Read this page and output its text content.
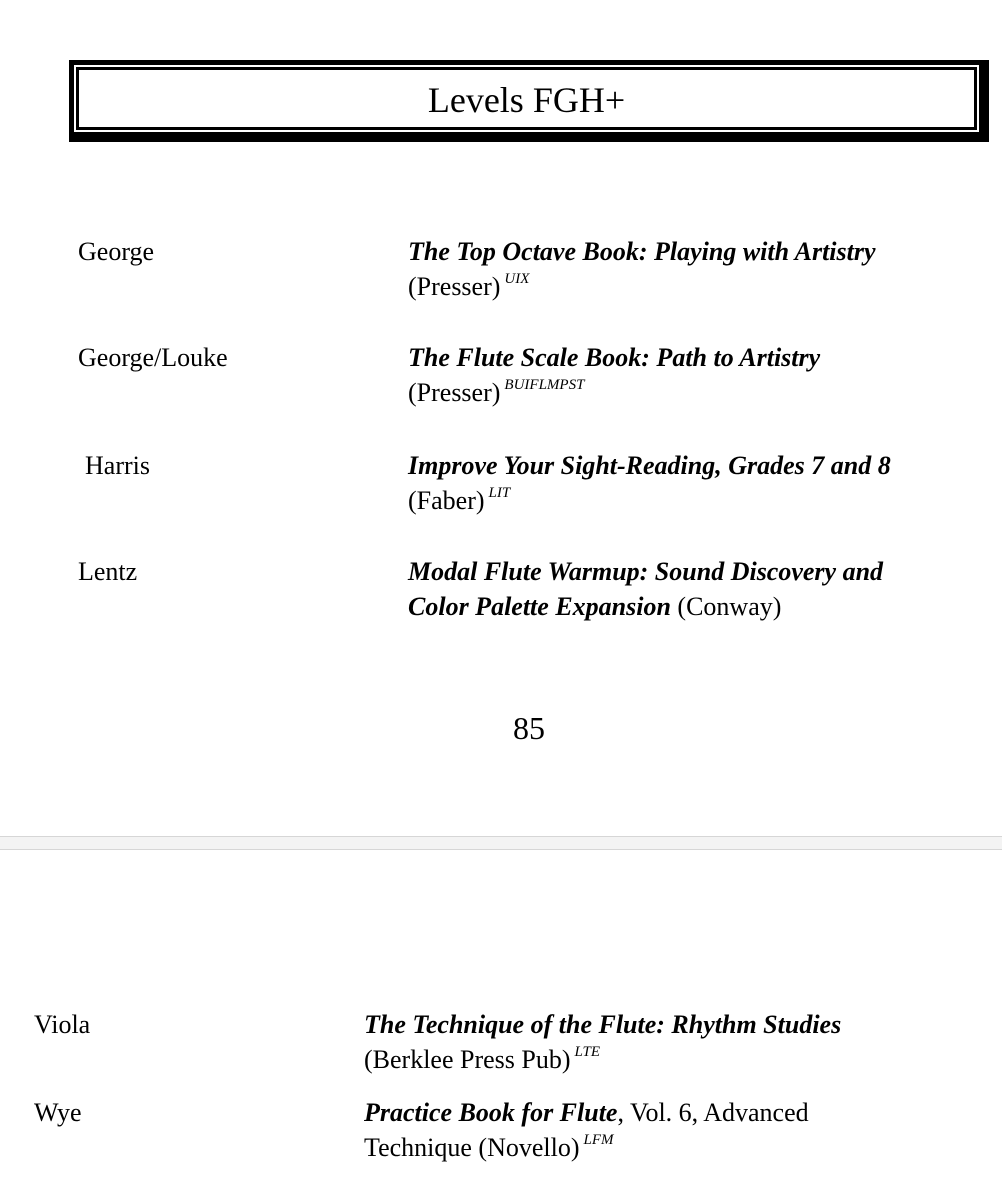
Levels FGH+
George	The Top Octave Book: Playing with Artistry
(Presser) $^{UIX}$
George/Louke	The Flute Scale Book: Path to Artistry
(Presser) $^{BUIFLMPST}$
Harris	Improve Your Sight-Reading, Grades 7 and 8
(Faber) $^{LIT}$
Lentz	Modal Flute Warmup: Sound Discovery and
Color Palette Expansion (Conway)
85
Viola	The Technique of the Flute: Rhythm Studies
(Berklee Press Pub) $^{LTE}$
Wye	Practice Book for Flute, Vol. 6, Advanced
Technique (Novello) $^{LFM}$
